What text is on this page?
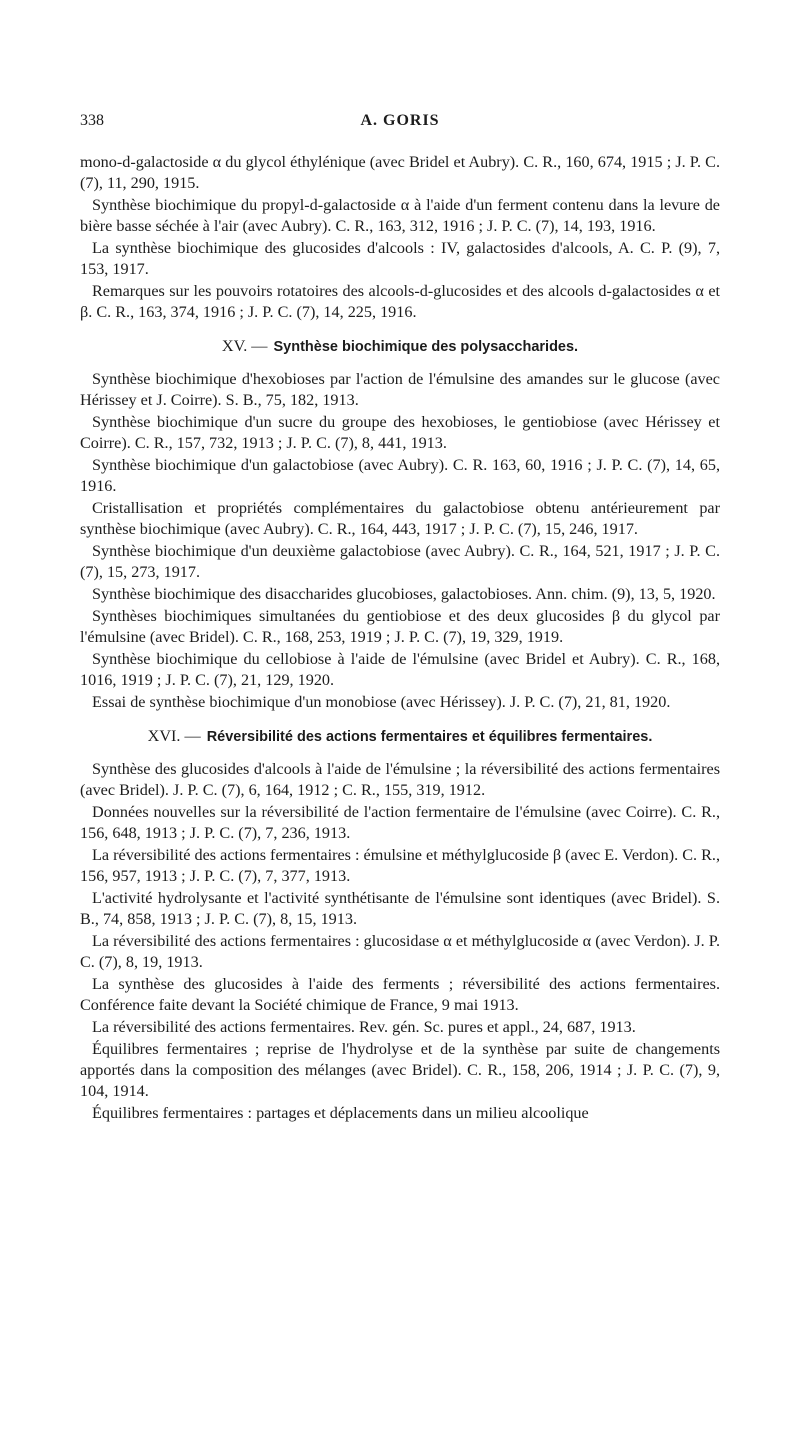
338	A. GORIS

mono-d-galactoside α du glycol éthylénique (avec Bridel et Aubry). C. R., 160, 674, 1915 ; J. P. C. (7), 11, 290, 1915.

Synthèse biochimique du propyl-d-galactoside α à l'aide d'un ferment contenu dans la levure de bière basse séchée à l'air (avec Aubry). C. R., 163, 312, 1916 ; J. P. C. (7), 14, 193, 1916.

La synthèse biochimique des glucosides d'alcools : IV, galactosides d'alcools, A. C. P. (9), 7, 153, 1917.

Remarques sur les pouvoirs rotatoires des alcools-d-glucosides et des alcools d-galactosides α et β. C. R., 163, 374, 1916 ; J. P. C. (7), 14, 225, 1916.

XV. — Synthèse biochimique des polysaccharides.

Synthèse biochimique d'hexobioses par l'action de l'émulsine des amandes sur le glucose (avec Hérissey et J. Coirre). S. B., 75, 182, 1913.

Synthèse biochimique d'un sucre du groupe des hexobioses, le gentiobiose (avec Hérissey et Coirre). C. R., 157, 732, 1913 ; J. P. C. (7), 8, 441, 1913.

Synthèse biochimique d'un galactobiose (avec Aubry). C. R. 163, 60, 1916 ; J. P. C. (7), 14, 65, 1916.

Cristallisation et propriétés complémentaires du galactobiose obtenu antérieurement par synthèse biochimique (avec Aubry). C. R., 164, 443, 1917 ; J. P. C. (7), 15, 246, 1917.

Synthèse biochimique d'un deuxième galactobiose (avec Aubry). C. R., 164, 521, 1917 ; J. P. C. (7), 15, 273, 1917.

Synthèse biochimique des disaccharides glucobioses, galactobioses. Ann. chim. (9), 13, 5, 1920.

Synthèses biochimiques simultanées du gentiobiose et des deux glucosides β du glycol par l'émulsine (avec Bridel). C. R., 168, 253, 1919 ; J. P. C. (7), 19, 329, 1919.

Synthèse biochimique du cellobiose à l'aide de l'émulsine (avec Bridel et Aubry). C. R., 168, 1016, 1919 ; J. P. C. (7), 21, 129, 1920.

Essai de synthèse biochimique d'un monobiose (avec Hérissey). J. P. C. (7), 21, 81, 1920.

XVI. — Réversibilité des actions fermentaires et équilibres fermentaires.

Synthèse des glucosides d'alcools à l'aide de l'émulsine ; la réversibilité des actions fermentaires (avec Bridel). J. P. C. (7), 6, 164, 1912 ; C. R., 155, 319, 1912.

Données nouvelles sur la réversibilité de l'action fermentaire de l'émulsine (avec Coirre). C. R., 156, 648, 1913 ; J. P. C. (7), 7, 236, 1913.

La réversibilité des actions fermentaires : émulsine et méthylglucoside β (avec E. Verdon). C. R., 156, 957, 1913 ; J. P. C. (7), 7, 377, 1913.

L'activité hydrolysante et l'activité synthétisante de l'émulsine sont identiques (avec Bridel). S. B., 74, 858, 1913 ; J. P. C. (7), 8, 15, 1913.

La réversibilité des actions fermentaires : glucosidase α et méthylglucoside α (avec Verdon). J. P. C. (7), 8, 19, 1913.

La synthèse des glucosides à l'aide des ferments ; réversibilité des actions fermentaires. Conférence faite devant la Société chimique de France, 9 mai 1913.

La réversibilité des actions fermentaires. Rev. gén. Sc. pures et appl., 24, 687, 1913.

Équilibres fermentaires ; reprise de l'hydrolyse et de la synthèse par suite de changements apportés dans la composition des mélanges (avec Bridel). C. R., 158, 206, 1914 ; J. P. C. (7), 9, 104, 1914.

Équilibres fermentaires : partages et déplacements dans un milieu alcoolique
